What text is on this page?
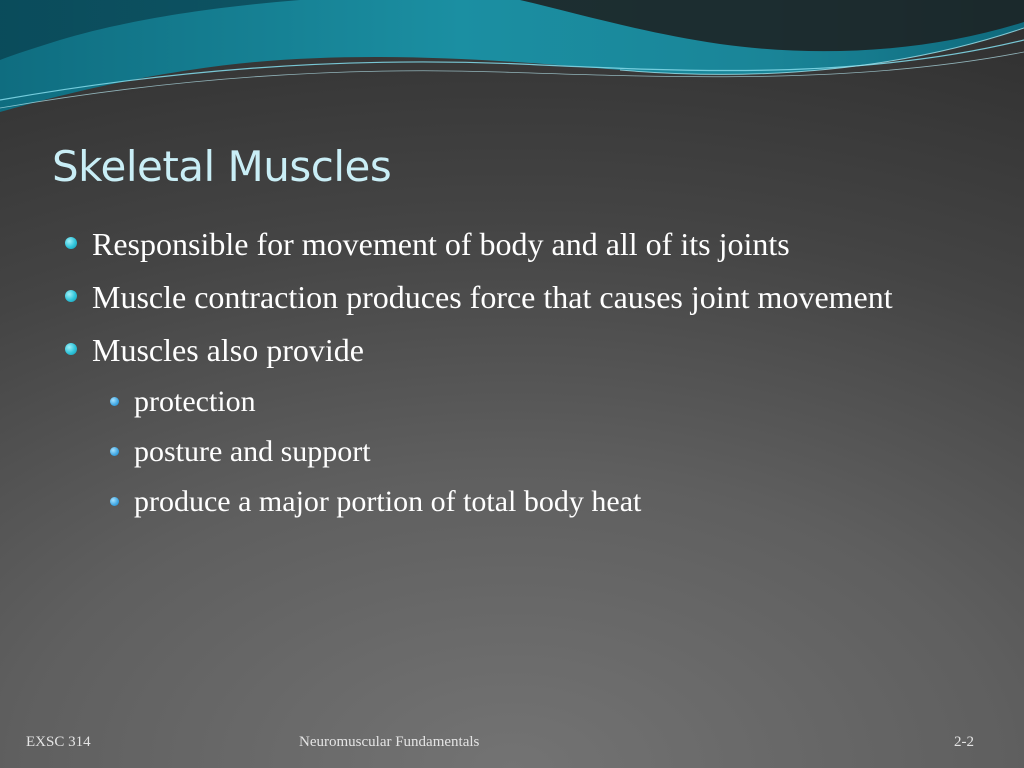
Skeletal Muscles
Responsible for movement of body and all of its joints
Muscle contraction produces force that causes joint movement
Muscles also provide
protection
posture and support
produce a major portion of total body heat
EXSC 314	Neuromuscular Fundamentals	2-2
